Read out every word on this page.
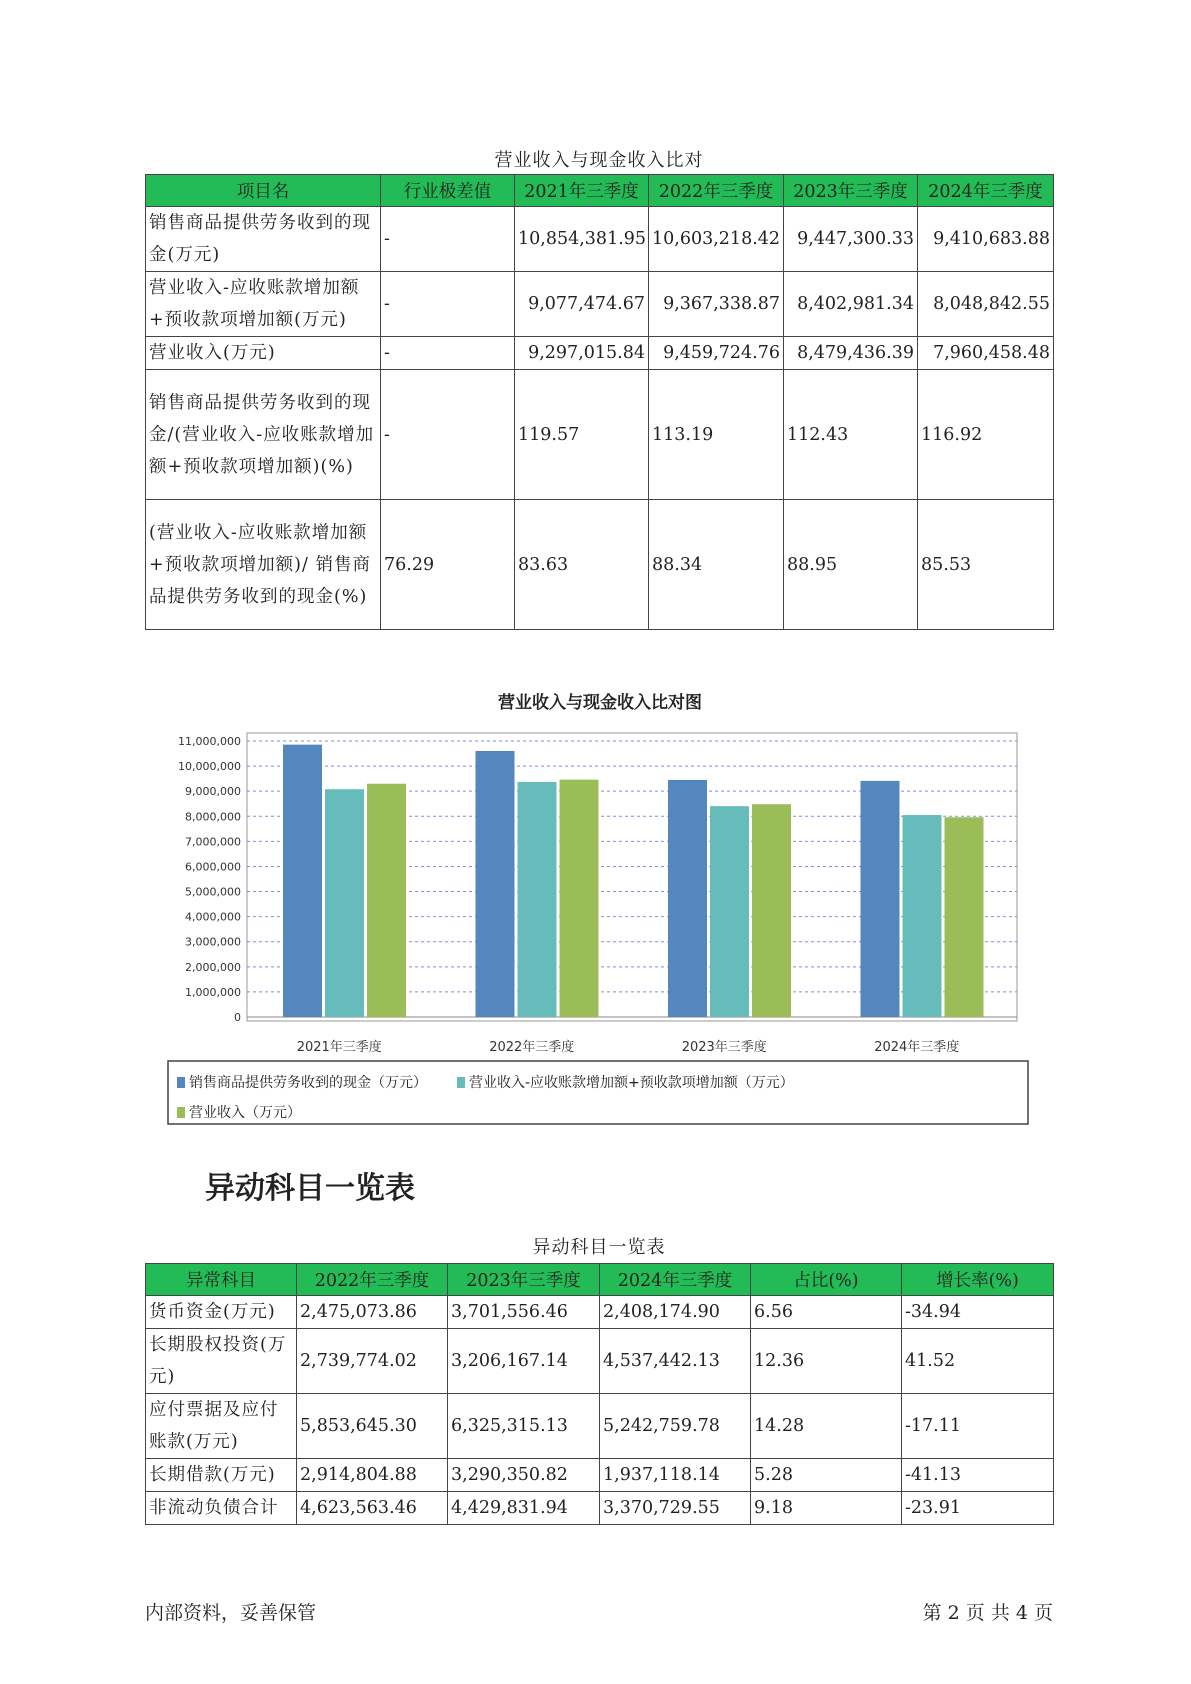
营业收入与现金收入比对
项目名	行业极差值	2021年三季度	2022年三季度	2023年三季度	2024年三季度
销售商品提供劳务收到的现金(万元)	-	10,854,381.95	10,603,218.42	9,447,300.33	9,410,683.88
营业收入-应收账款增加额+预收款项增加额(万元)	-	9,077,474.67	9,367,338.87	8,402,981.34	8,048,842.55
营业收入(万元)	-	9,297,015.84	9,459,724.76	8,479,436.39	7,960,458.48
销售商品提供劳务收到的现金/(营业收入-应收账款增加额+预收款项增加额)(%)	-	119.57	113.19	112.43	116.92
(营业收入-应收账款增加额+预收款项增加额)/ 销售商品提供劳务收到的现金(%)	76.29	83.63	88.34	88.95	85.53
营业收入与现金收入比对图
0
1,000,000
2,000,000
3,000,000
4,000,000
5,000,000
6,000,000
7,000,000
8,000,000
9,000,000
10,000,000
11,000,000
2021年三季度	2022年三季度	2023年三季度	2024年三季度
销售商品提供劳务收到的现金（万元）	营业收入-应收账款增加额+预收款项增加额（万元）
营业收入（万元）
异动科目一览表
异动科目一览表
异常科目	2022年三季度	2023年三季度	2024年三季度	占比(%)	增长率(%)
货币资金(万元)	2,475,073.86	3,701,556.46	2,408,174.90	6.56	-34.94
长期股权投资(万元)	2,739,774.02	3,206,167.14	4,537,442.13	12.36	41.52
应付票据及应付账款(万元)	5,853,645.30	6,325,315.13	5,242,759.78	14.28	-17.11
长期借款(万元)	2,914,804.88	3,290,350.82	1,937,118.14	5.28	-41.13
非流动负债合计	4,623,563.46	4,429,831.94	3,370,729.55	9.18	-23.91
内部资料，妥善保管	第 2 页 共 4 页
